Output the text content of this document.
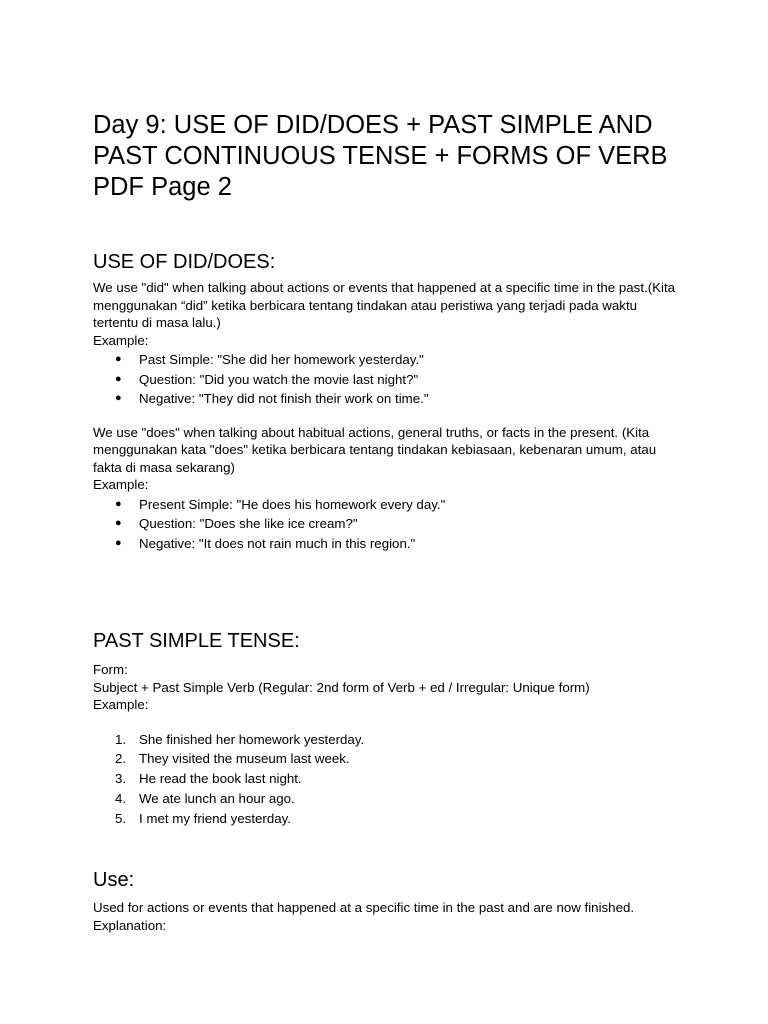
Day 9: USE OF DID/DOES + PAST SIMPLE AND PAST CONTINUOUS TENSE + FORMS OF VERB PDF Page 2
USE OF DID/DOES:

We use "did" when talking about actions or events that happened at a specific time in the past.(Kita menggunakan “did” ketika berbicara tentang tindakan atau peristiwa yang terjadi pada waktu tertentu di masa lalu.)

Example:

● Past Simple: "She did her homework yesterday."
● Question: "Did you watch the movie last night?"
● Negative: "They did not finish their work on time."

We use "does" when talking about habitual actions, general truths, or facts in the present. (Kita menggunakan kata "does" ketika berbicara tentang tindakan kebiasaan, kebenaran umum, atau fakta di masa sekarang)

Example:

● Present Simple: "He does his homework every day."
● Question: "Does she like ice cream?"
● Negative: "It does not rain much in this region."
PAST SIMPLE TENSE:

Form:

Subject + Past Simple Verb (Regular: 2nd form of Verb + ed / Irregular: Unique form)

Example:

1. She finished her homework yesterday.
2. They visited the museum last week.
3. He read the book last night.
4. We ate lunch an hour ago.
5. I met my friend yesterday.
Use:

Used for actions or events that happened at a specific time in the past and are now finished.

Explanation:
